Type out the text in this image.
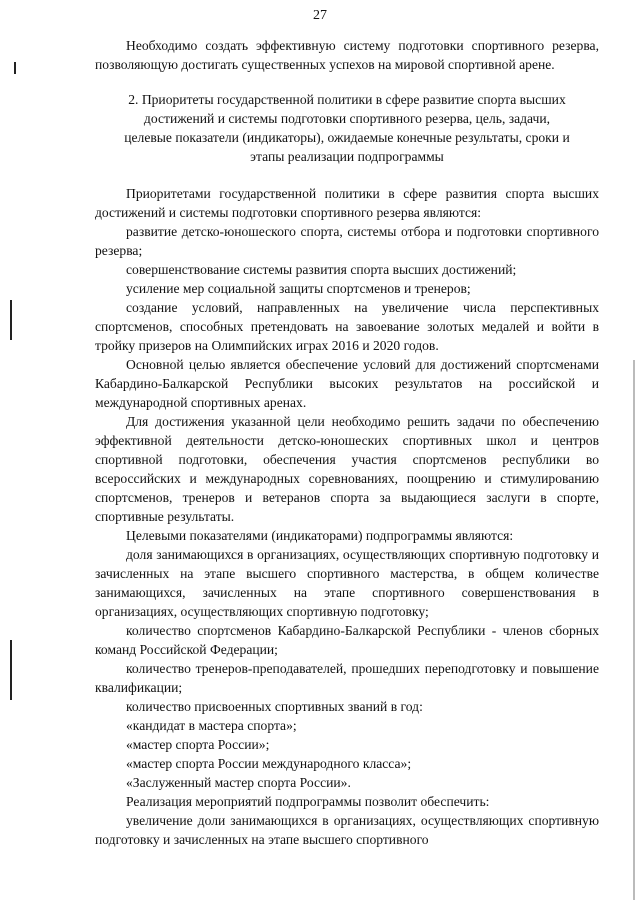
27

Необходимо создать эффективную систему подготовки спортивного резерва, позволяющую достигать существенных успехов на мировой спортивной арене.

2. Приоритеты государственной политики в сфере развитие спорта высших
достижений и системы подготовки спортивного резерва, цель, задачи,
целевые показатели (индикаторы), ожидаемые конечные результаты, сроки и
этапы реализации подпрограммы

Приоритетами государственной политики в сфере развития спорта высших достижений и системы подготовки спортивного резерва являются:

развитие детско-юношеского спорта, системы отбора и подготовки спортивного резерва;

совершенствование системы развития спорта высших достижений;

усиление мер социальной защиты спортсменов и тренеров;

создание условий, направленных на увеличение числа перспективных спортсменов, способных претендовать на завоевание золотых медалей и войти в тройку призеров на Олимпийских играх 2016 и 2020 годов.

Основной целью является обеспечение условий для достижений спортсменами Кабардино-Балкарской Республики высоких результатов на российской и международной спортивных аренах.

Для достижения указанной цели необходимо решить задачи по обеспечению эффективной деятельности детско-юношеских спортивных школ и центров спортивной подготовки, обеспечения участия спортсменов республики во всероссийских и международных соревнованиях, поощрению и стимулированию спортсменов, тренеров и ветеранов спорта за выдающиеся заслуги в спорте, спортивные результаты.

Целевыми показателями (индикаторами) подпрограммы являются:

доля занимающихся в организациях, осуществляющих спортивную подготовку и зачисленных на этапе высшего спортивного мастерства, в общем количестве занимающихся, зачисленных на этапе спортивного совершенствования в организациях, осуществляющих спортивную подготовку;

количество спортсменов Кабардино-Балкарской Республики - членов сборных команд Российской Федерации;

количество тренеров-преподавателей, прошедших переподготовку и повышение квалификации;

количество присвоенных спортивных званий в год:

«кандидат в мастера спорта»;

«мастер спорта России»;

«мастер спорта России международного класса»;

«Заслуженный мастер спорта России».

Реализация мероприятий подпрограммы позволит обеспечить:

увеличение доли занимающихся в организациях, осуществляющих спортивную подготовку и зачисленных на этапе высшего спортивного
